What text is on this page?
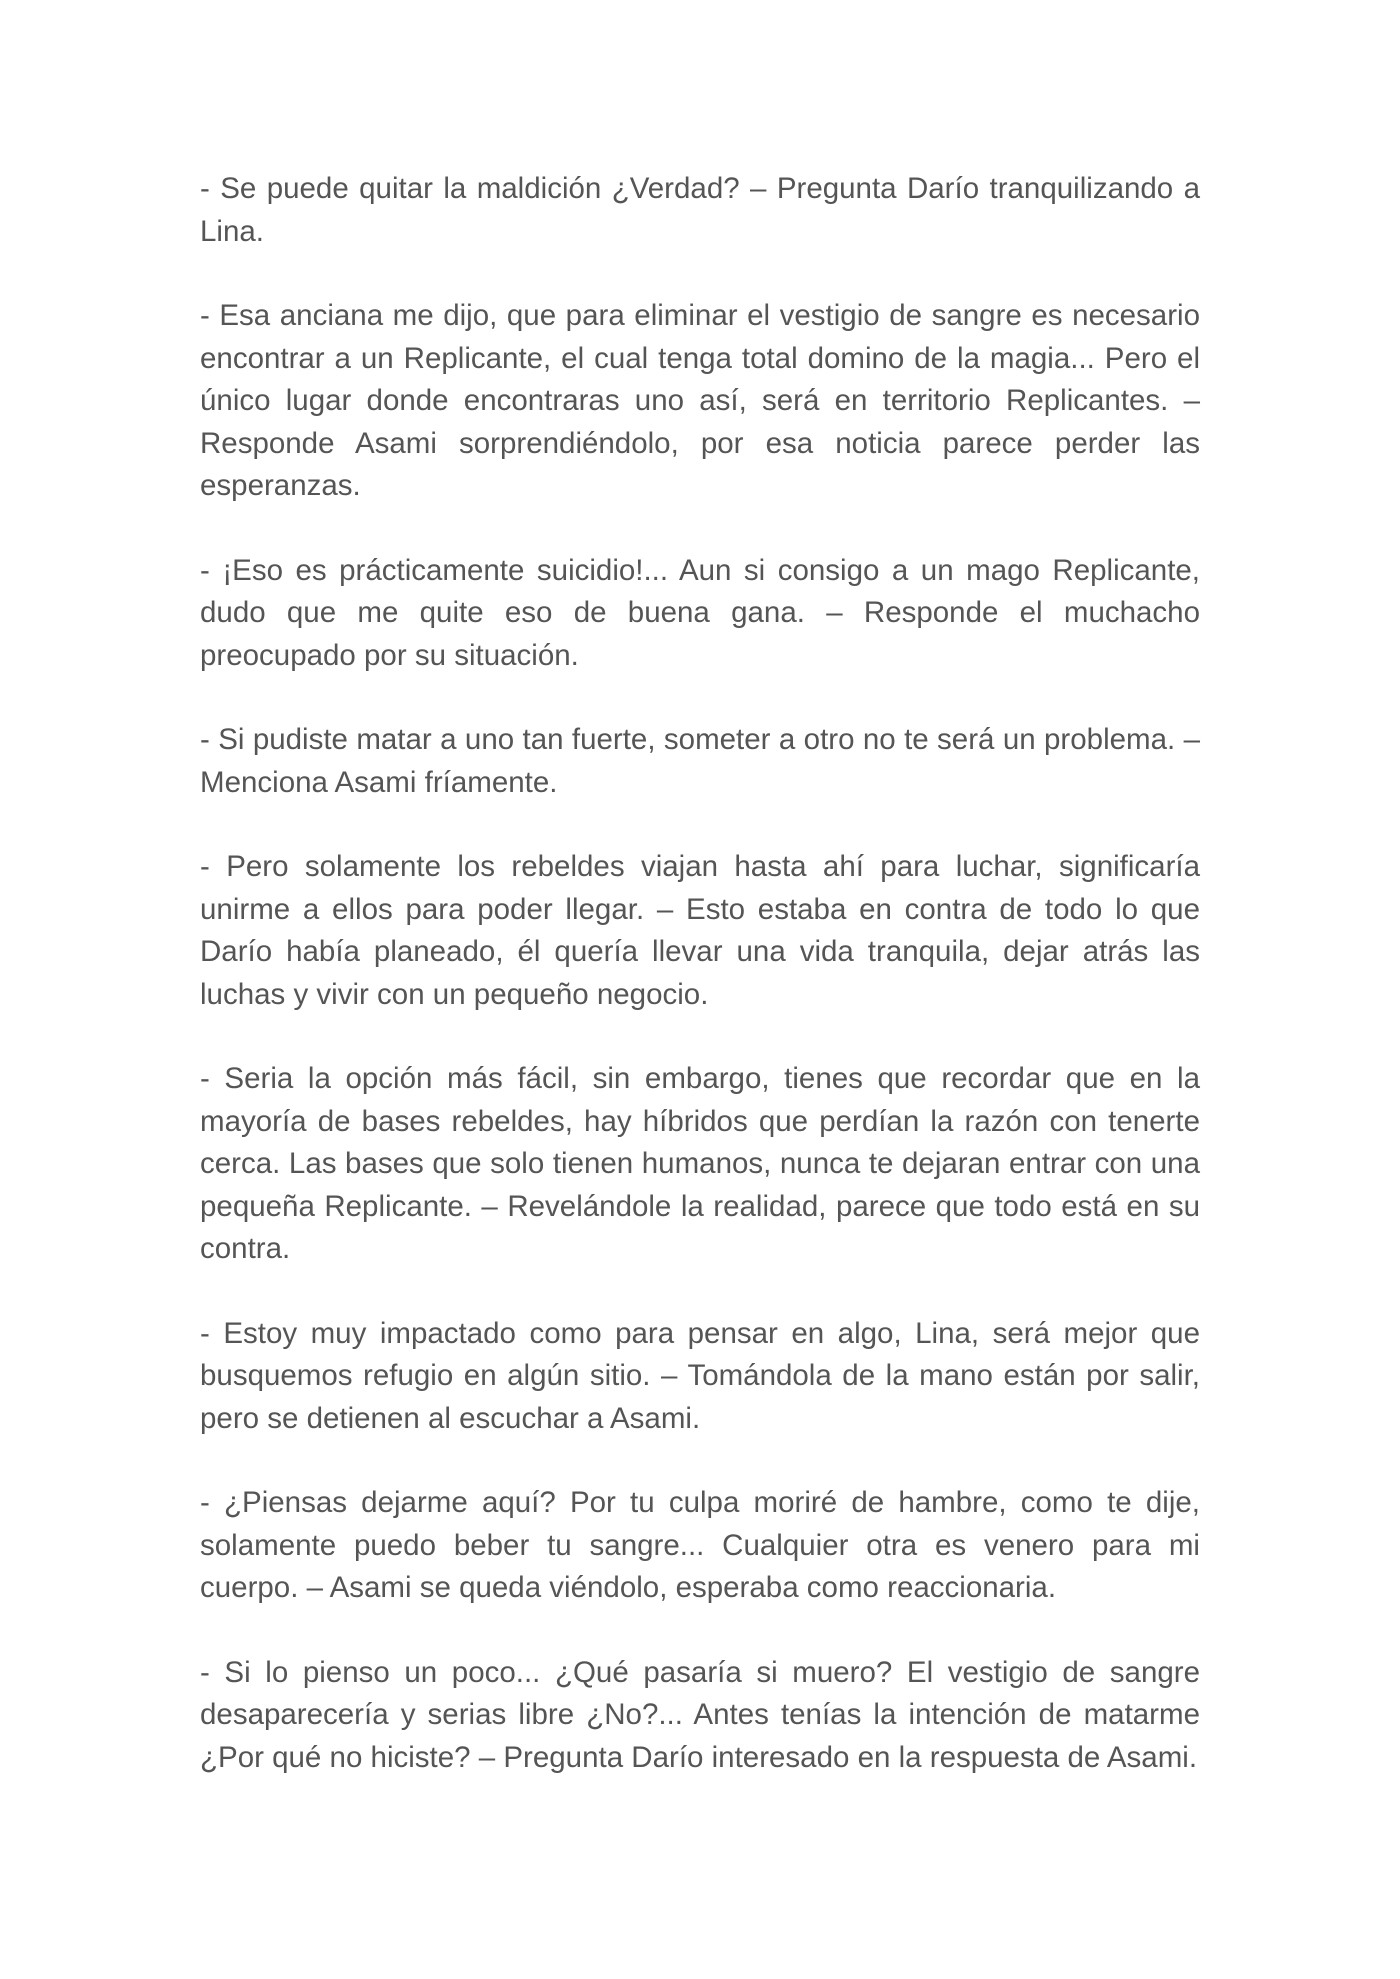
- Se puede quitar la maldición ¿Verdad? – Pregunta Darío tranquilizando a Lina.

- Esa anciana me dijo, que para eliminar el vestigio de sangre es necesario encontrar a un Replicante, el cual tenga total domino de la magia... Pero el único lugar donde encontraras uno así, será en territorio Replicantes. – Responde Asami sorprendiéndolo, por esa noticia parece perder las esperanzas.

- ¡Eso es prácticamente suicidio!... Aun si consigo a un mago Replicante, dudo que me quite eso de buena gana. – Responde el muchacho preocupado por su situación.

- Si pudiste matar a uno tan fuerte, someter a otro no te será un problema. – Menciona Asami fríamente.

- Pero solamente los rebeldes viajan hasta ahí para luchar, significaría unirme a ellos para poder llegar. – Esto estaba en contra de todo lo que Darío había planeado, él quería llevar una vida tranquila, dejar atrás las luchas y vivir con un pequeño negocio.

- Seria la opción más fácil, sin embargo, tienes que recordar que en la mayoría de bases rebeldes, hay híbridos que perdían la razón con tenerte cerca. Las bases que solo tienen humanos, nunca te dejaran entrar con una pequeña Replicante. – Revelándole la realidad, parece que todo está en su contra.

- Estoy muy impactado como para pensar en algo, Lina, será mejor que busquemos refugio en algún sitio. – Tomándola de la mano están por salir, pero se detienen al escuchar a Asami.

- ¿Piensas dejarme aquí? Por tu culpa moriré de hambre, como te dije, solamente puedo beber tu sangre... Cualquier otra es venero para mi cuerpo. – Asami se queda viéndolo, esperaba como reaccionaria.

- Si lo pienso un poco... ¿Qué pasaría si muero? El vestigio de sangre desaparecería y serias libre ¿No?... Antes tenías la intención de matarme ¿Por qué no hiciste? – Pregunta Darío interesado en la respuesta de Asami.
